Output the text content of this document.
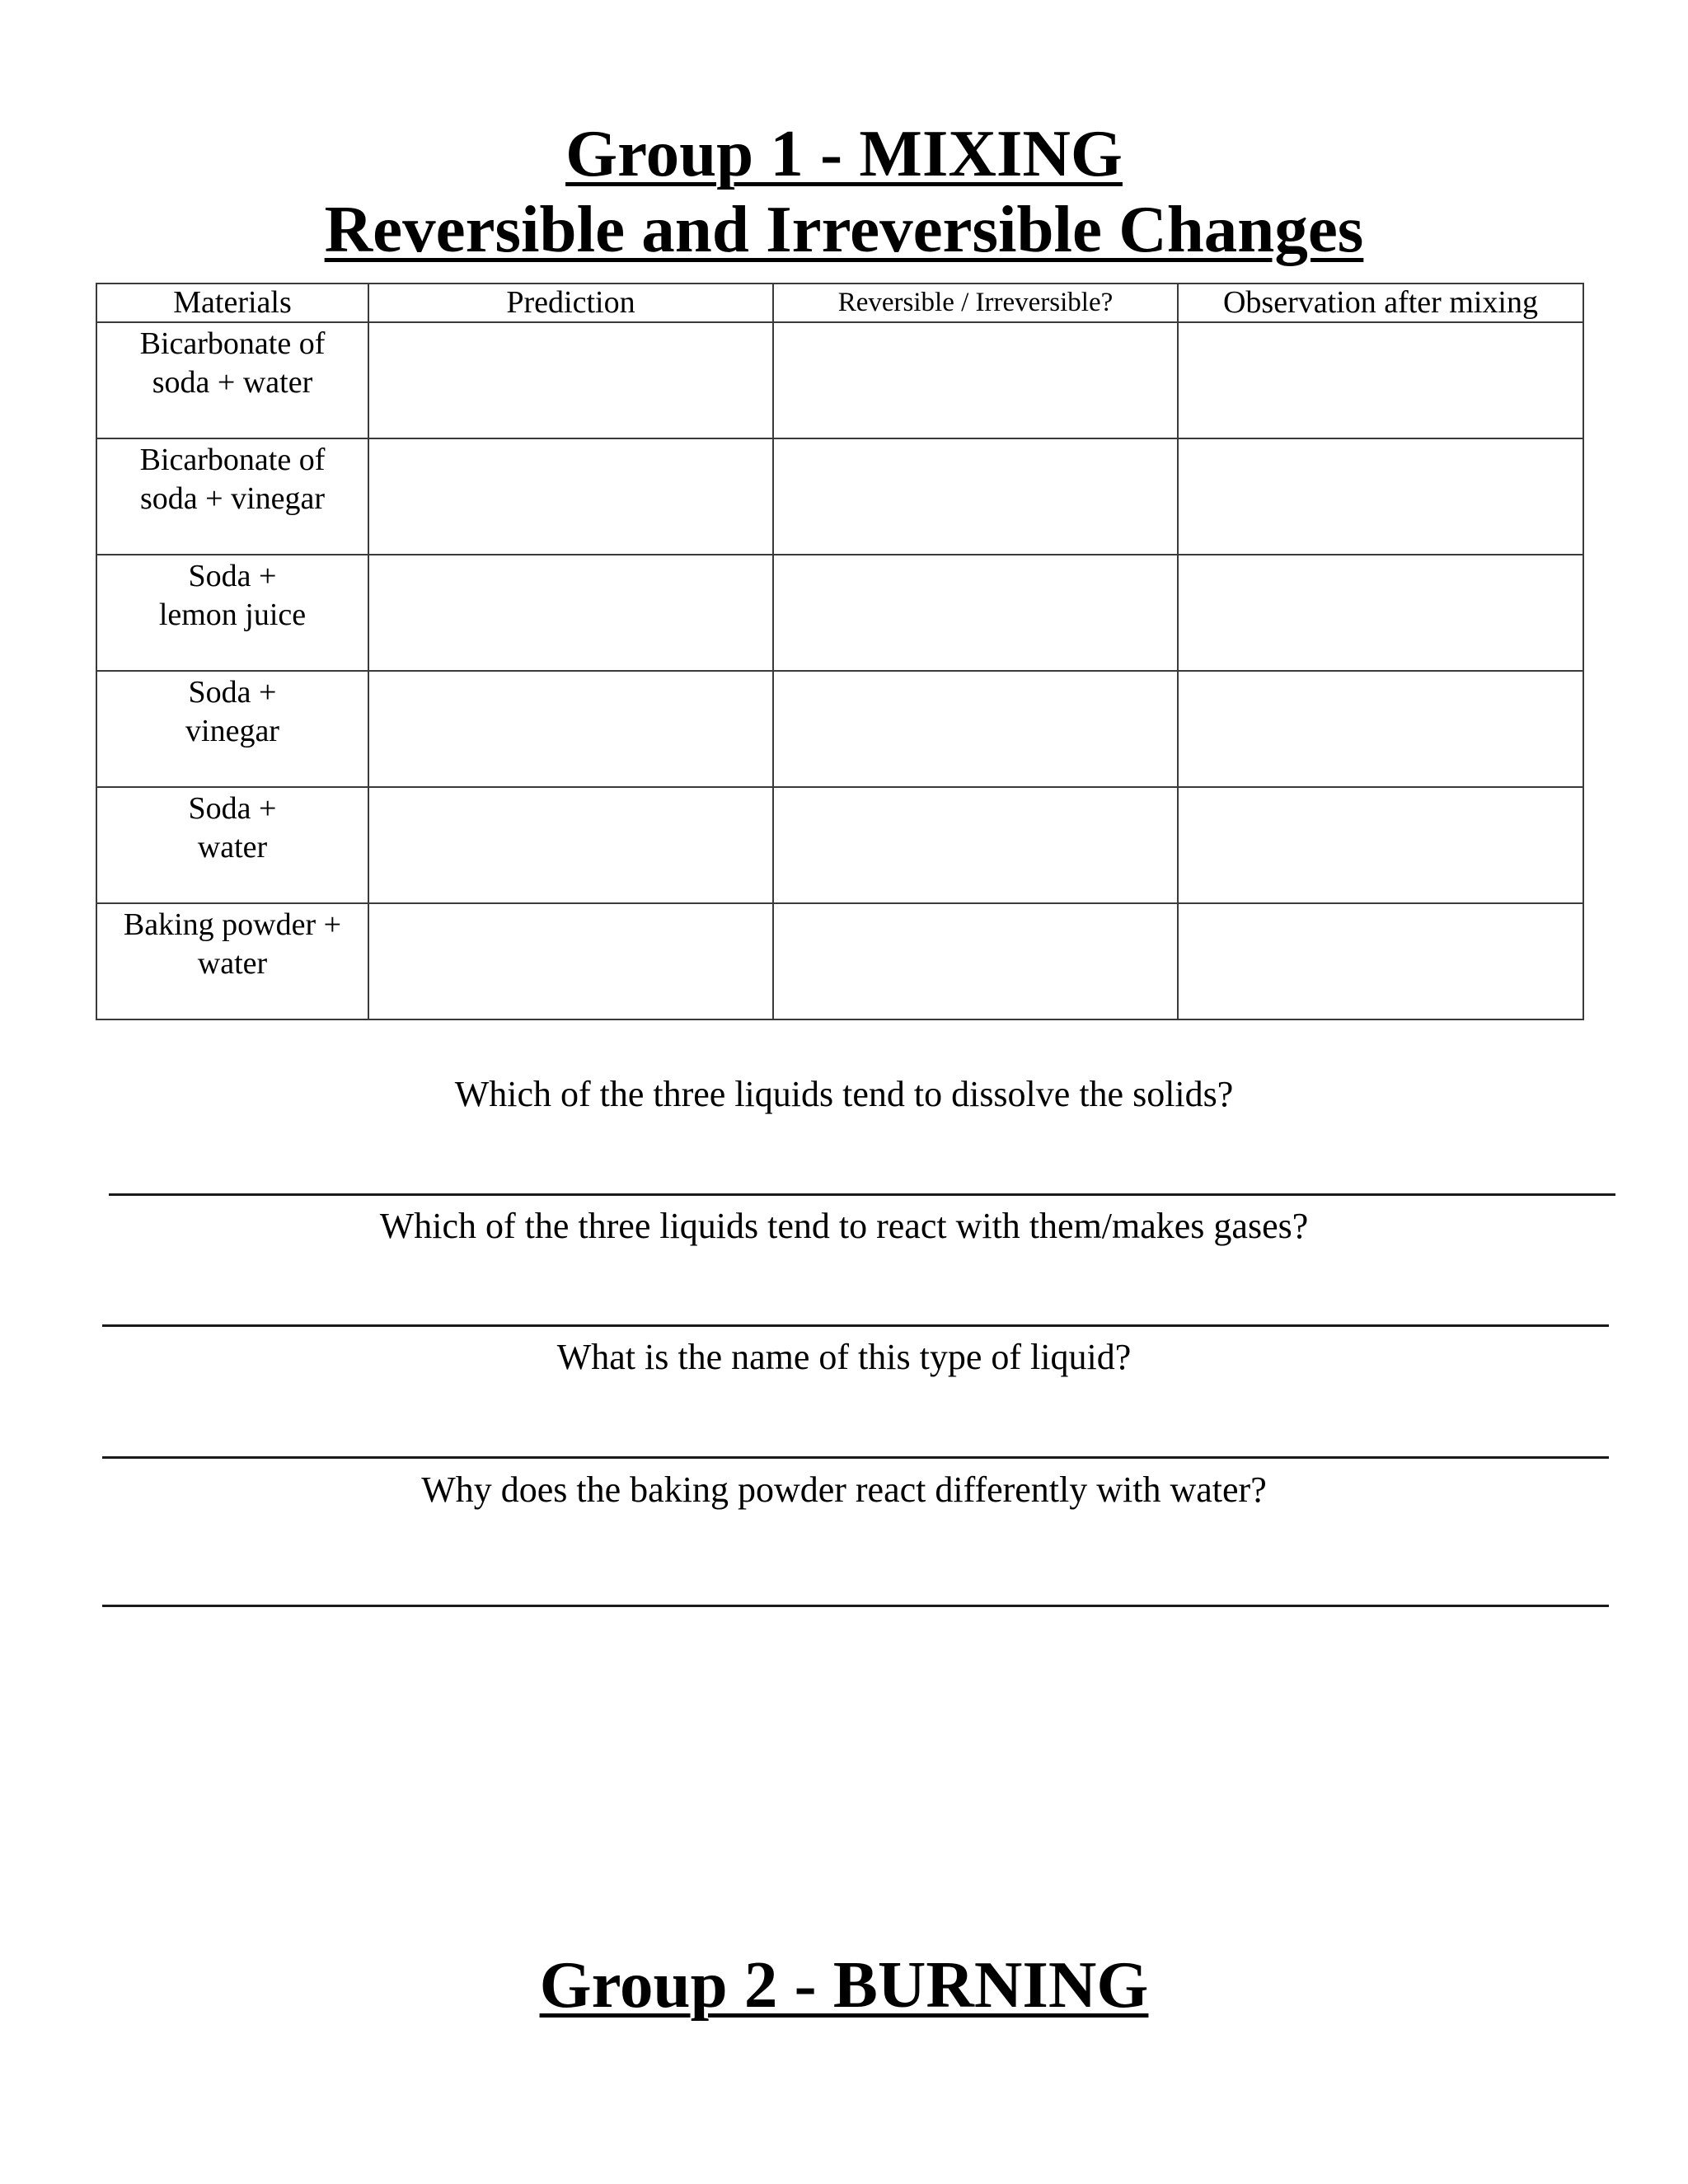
Group 1 - MIXING
Reversible and Irreversible Changes
Materials	Prediction	Reversible / Irreversible?	Observation after mixing

Bicarbonate of
soda + water			

Bicarbonate of
soda + vinegar			

Soda +
lemon juice			

Soda +
vinegar			

Soda +
water			

Baking powder +
water			

Which of the three liquids tend to dissolve the solids?
Which of the three liquids tend to react with them/makes gases?
What is the name of this type of liquid?
Why does the baking powder react differently with water?
Group 2 - BURNING
